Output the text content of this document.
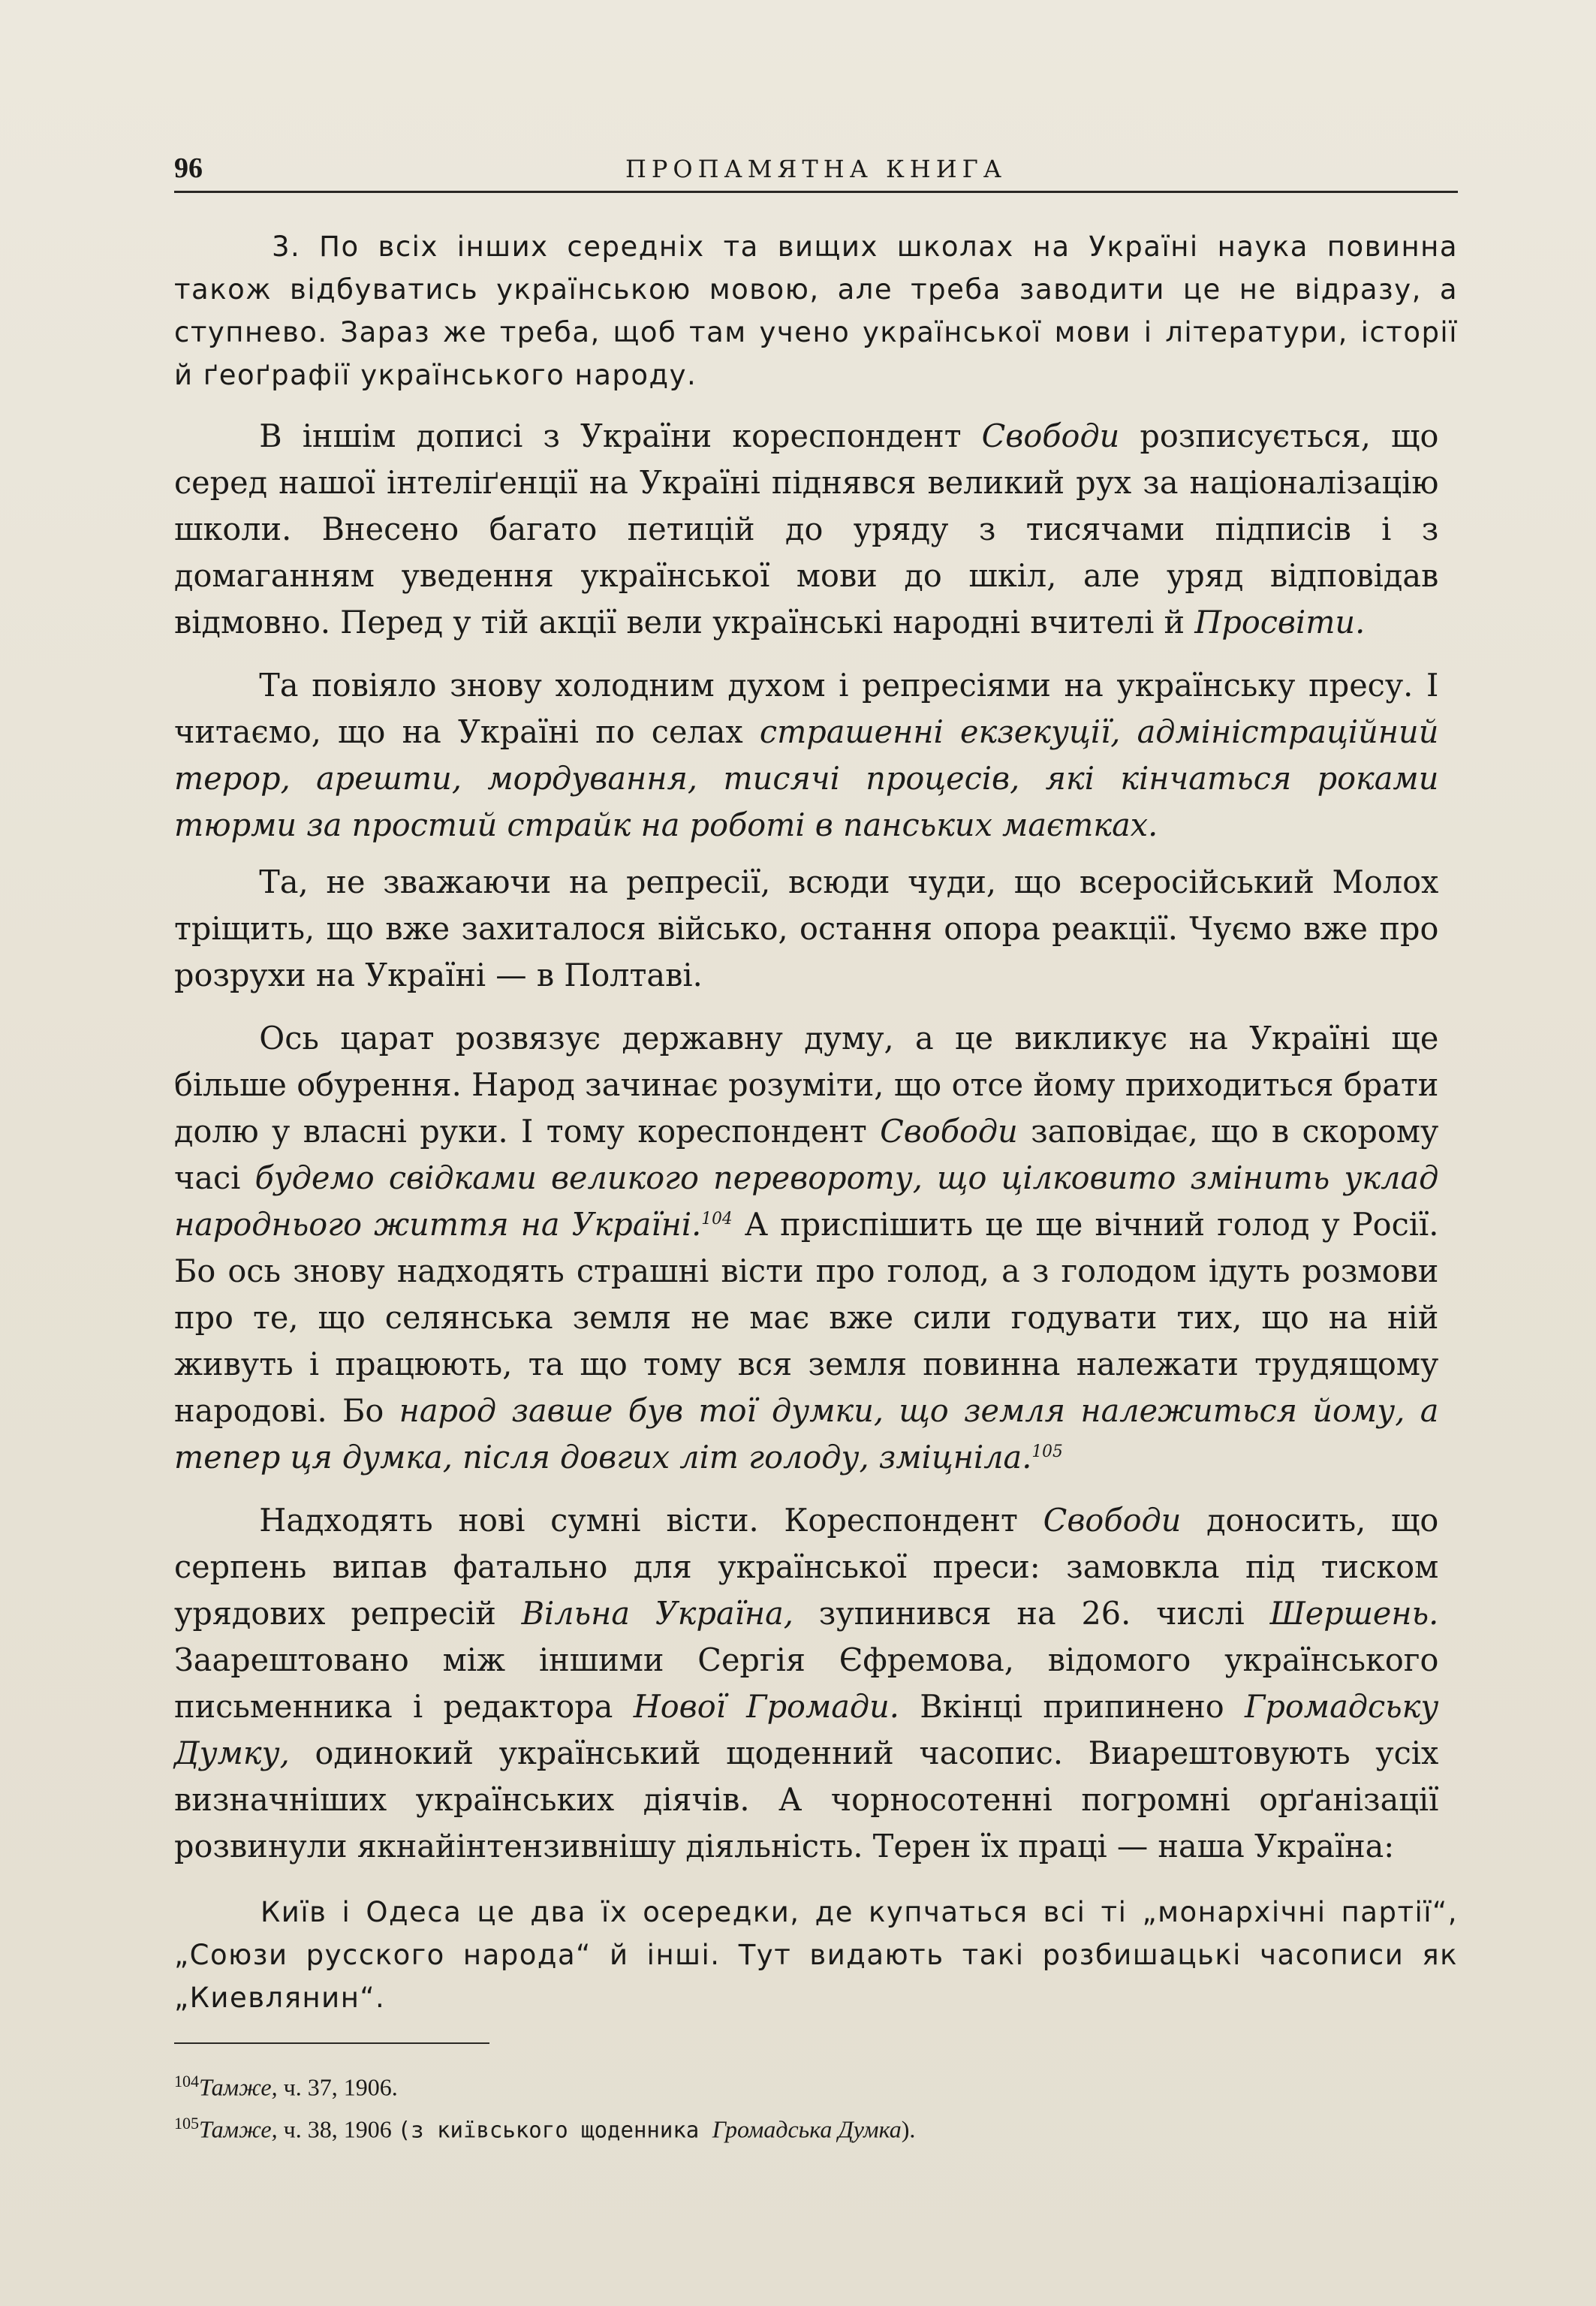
96	ПРОПАМЯТНА КНИГА

3. По всіх інших середніх та вищих школах на Україні наука повинна також відбуватись українською мовою, але треба заводити це не відразу, а ступнево. Зараз же треба, щоб там учено української мови і літератури, історії й ґеоґрафії українського народу.

В іншім дописі з України кореспондент Свободи розписується, що серед нашої інтеліґенції на Україні піднявся великий рух за націоналізацію школи. Внесено багато петицій до уряду з тисячами підписів і з домаганням уведення української мови до шкіл, але уряд відповідав відмовно. Перед у тій акції вели українські народні вчителі й Просвіти.

Та повіяло знову холодним духом і репресіями на українську пресу. І читаємо, що на Україні по селах страшенні екзекуції, адміністраційний терор, арешти, мордування, тисячі процесів, які кінчаться роками тюрми за простий страйк на роботі в панських маєтках.

Та, не зважаючи на репресії, всюди чуди, що всеросійський Молох тріщить, що вже захиталося військо, остання опора реакції. Чуємо вже про розрухи на Україні — в Полтаві.

Ось царат розвязує державну думу, а це викликує на Україні ще більше обурення. Народ зачинає розуміти, що отсе йому приходиться брати долю у власні руки. І тому кореспондент Свободи заповідає, що в скорому часі будемо свідками великого перевороту, що цілковито змінить уклад народнього життя на Україні.$^{104}$ А приспішить це ще вічний голод у Росії. Бо ось знову надходять страшні вісти про голод, а з голодом ідуть розмови про те, що селянська земля не має вже сили годувати тих, що на ній живуть і працюють, та що тому вся земля повинна належати трудящому народові. Бо народ завше був тої думки, що земля належиться йому, а тепер ця думка, після довгих літ голоду, зміцніла.$^{105}$

Надходять нові сумні вісти. Кореспондент Свободи доносить, що серпень випав фатально для української преси: замовкла під тиском урядових репресій Вільна Україна, зупинився на 26. числі Шершень. Заарештовано між іншими Сергія Єфремова, відомого українського письменника і редактора Нової Громади. Вкінці припинено Громадську Думку, одинокий український щоденний часопис. Виарештовують усіх визначніших українських діячів. А чорносотенні погромні орґанізації розвинули якнайінтензивнішу діяльність. Терен їх праці — наша Україна:

Київ і Одеса це два їх осередки, де купчаться всі ті „монархічні партії“, „Союзи русского народа“ й інші. Тут видають такі розбишацькі часописи як „Киевлянин“.

$^{104}$Тамже, ч. 37, 1906.

$^{105}$Тамже, ч. 38, 1906 (з київського щоденника Громадська Думка).
